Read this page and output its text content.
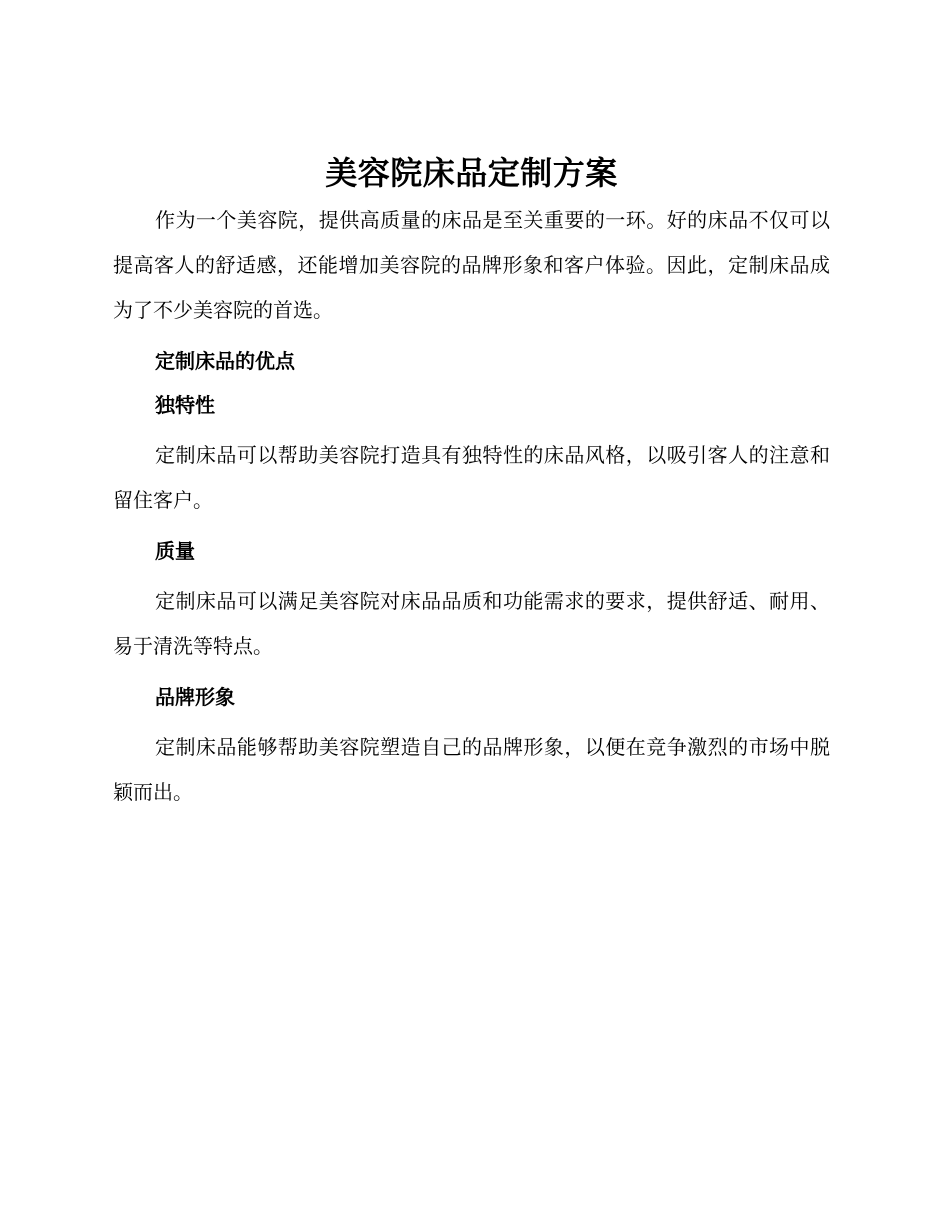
美容院床品定制方案

作为一个美容院，提供高质量的床品是至关重要的一环。好的床品不仅可以提高客人的舒适感，还能增加美容院的品牌形象和客户体验。因此，定制床品成为了不少美容院的首选。

定制床品的优点
独特性

定制床品可以帮助美容院打造具有独特性的床品风格，以吸引客人的注意和留住客户。

质量

定制床品可以满足美容院对床品品质和功能需求的要求，提供舒适、耐用、易于清洗等特点。

品牌形象

定制床品能够帮助美容院塑造自己的品牌形象，以便在竞争激烈的市场中脱颖而出。
